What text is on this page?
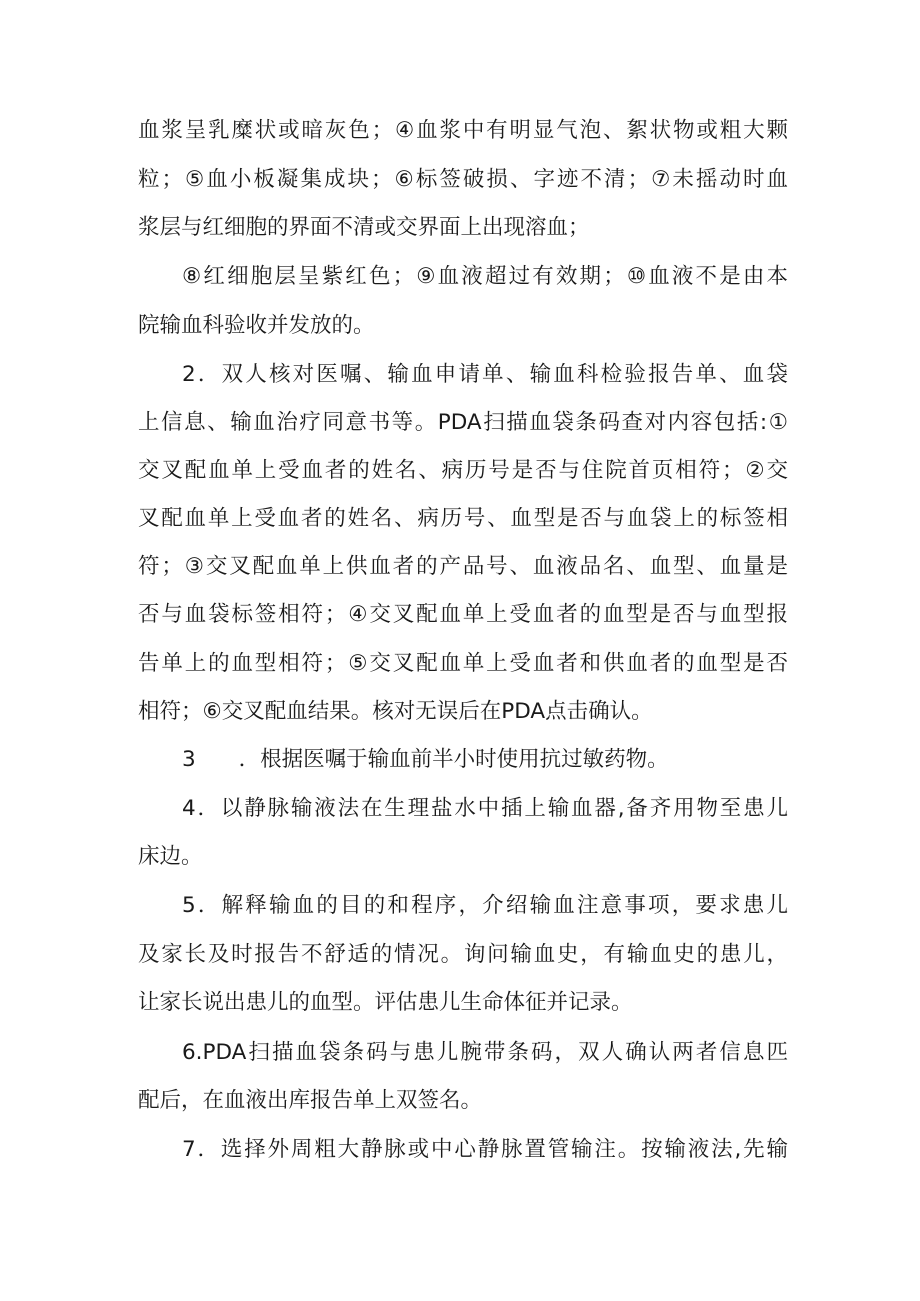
血浆呈乳糜状或暗灰色；④血浆中有明显气泡、絮状物或粗大颗
粒；⑤血小板凝集成块；⑥标签破损、字迹不清；⑦未摇动时血
浆层与红细胞的界面不清或交界面上出现溶血；
⑧红细胞层呈紫红色；⑨血液超过有效期；⑩血液不是由本
院输血科验收并发放的。
2．双人核对医嘱、输血申请单、输血科检验报告单、血袋
上信息、输血治疗同意书等。PDA扫描血袋条码查对内容包括:①
交叉配血单上受血者的姓名、病历号是否与住院首页相符；②交
叉配血单上受血者的姓名、病历号、血型是否与血袋上的标签相
符；③交叉配血单上供血者的产品号、血液品名、血型、血量是
否与血袋标签相符；④交叉配血单上受血者的血型是否与血型报
告单上的血型相符；⑤交叉配血单上受血者和供血者的血型是否
相符；⑥交叉配血结果。核对无误后在PDA点击确认。
3　　．根据医嘱于输血前半小时使用抗过敏药物。
4．以静脉输液法在生理盐水中插上输血器,备齐用物至患儿
床边。
5．解释输血的目的和程序，介绍输血注意事项，要求患儿
及家长及时报告不舒适的情况。询问输血史，有输血史的患儿，
让家长说出患儿的血型。评估患儿生命体征并记录。
6.PDA扫描血袋条码与患儿腕带条码，双人确认两者信息匹
配后，在血液出库报告单上双签名。
7．选择外周粗大静脉或中心静脉置管输注。按输液法,先输
